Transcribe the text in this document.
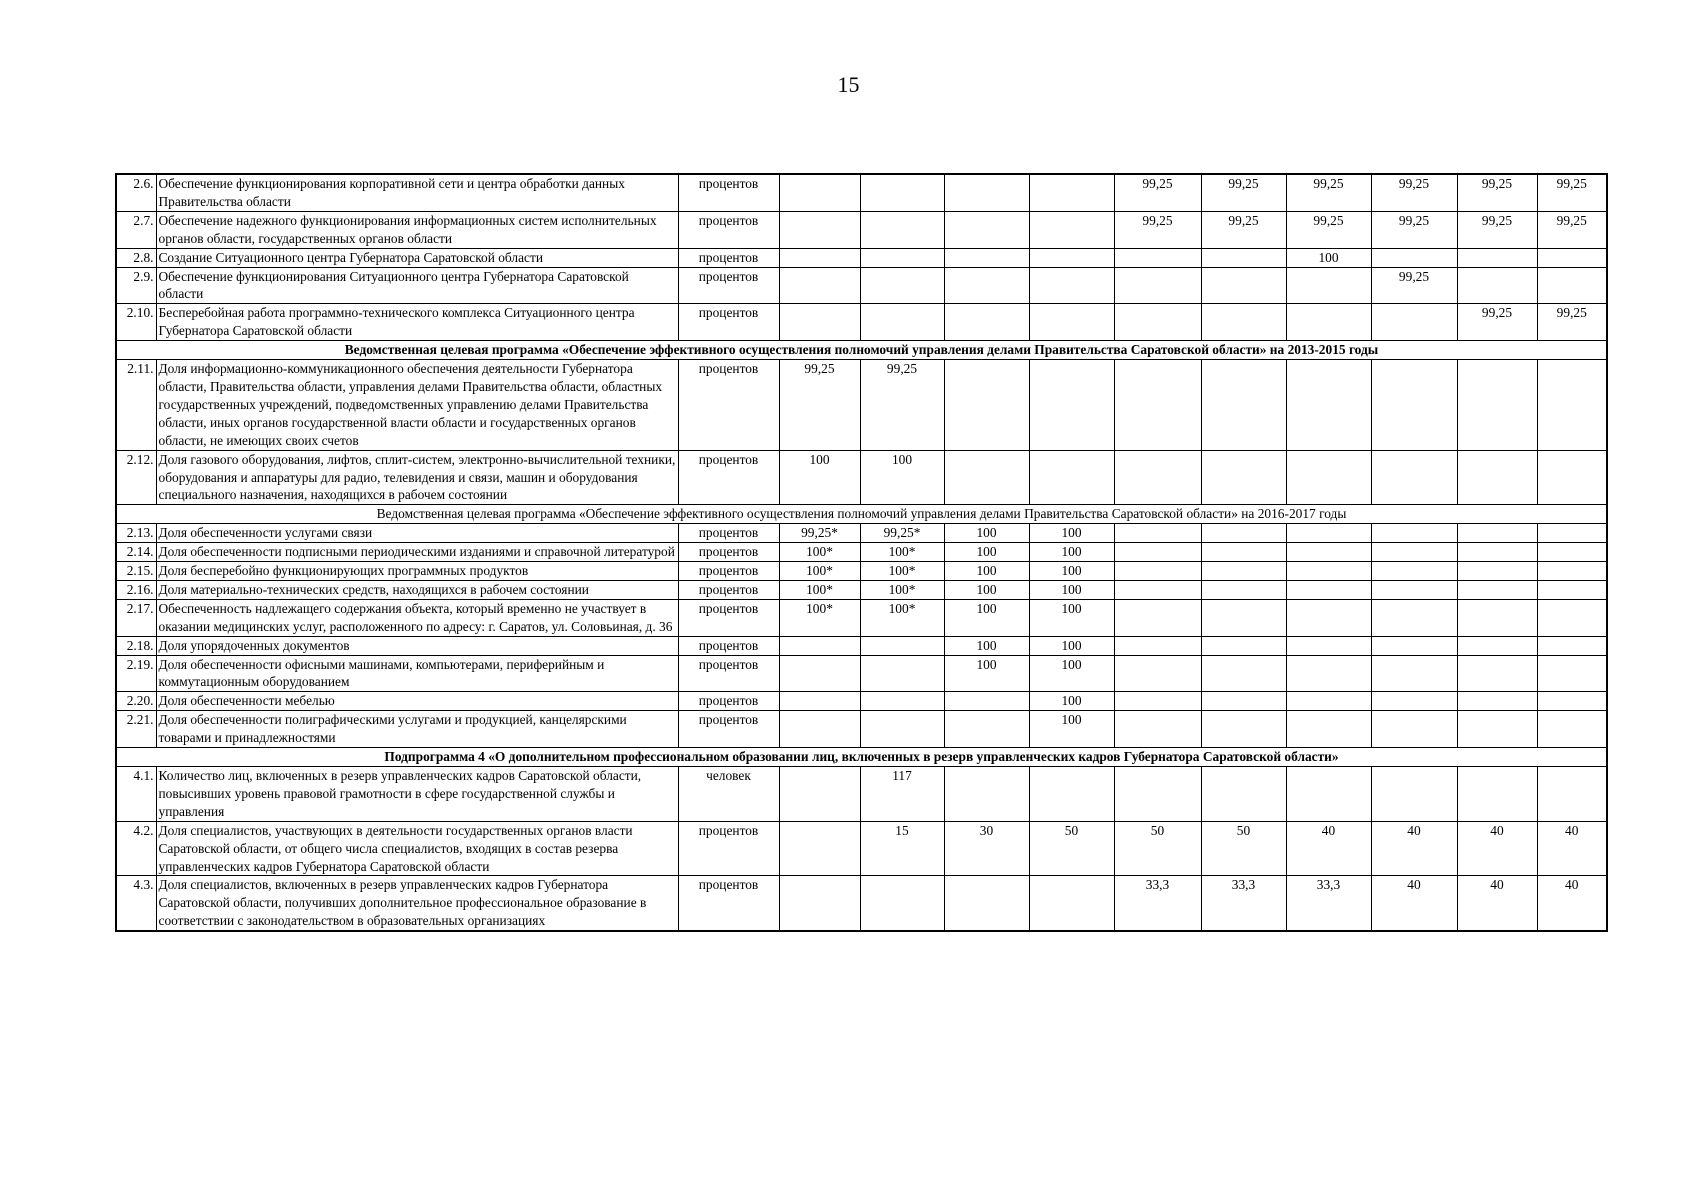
15
2.6.	Обеспечение функционирования корпоративной сети и центра обработки данных Правительства области	процентов					99,25	99,25	99,25	99,25	99,25	99,25
2.7.	Обеспечение надежного функционирования информационных систем исполнительных органов области, государственных органов области	процентов					99,25	99,25	99,25	99,25	99,25	99,25
2.8.	Создание Ситуационного центра Губернатора Саратовской области	процентов							100			
2.9.	Обеспечение функционирования Ситуационного центра Губернатора Саратовской области	процентов								99,25		
2.10.	Бесперебойная работа программно-технического комплекса Ситуационного центра Губернатора Саратовской области	процентов									99,25	99,25
Ведомственная целевая программа «Обеспечение эффективного осуществления полномочий управления делами Правительства Саратовской области» на 2013-2015 годы												
2.11.	Доля информационно-коммуникационного обеспечения деятельности Губернатора области, Правительства области, управления делами Правительства области, областных государственных учреждений, подведомственных управлению делами Правительства области, иных органов государственной власти области и государственных органов области, не имеющих своих счетов	процентов	99,25	99,25								
2.12.	Доля газового оборудования, лифтов, сплит-систем, электронно-вычислительной техники, оборудования и аппаратуры для радио, телевидения и связи, машин и оборудования специального назначения, находящихся в рабочем состоянии	процентов	100	100								
Ведомственная целевая программа «Обеспечение эффективного осуществления полномочий управления делами Правительства Саратовской области» на 2016-2017 годы												
2.13.	Доля обеспеченности услугами связи	процентов	99,25*	99,25*	100	100						
2.14.	Доля обеспеченности подписными периодическими изданиями и справочной литературой	процентов	100*	100*	100	100						
2.15.	Доля бесперебойно функционирующих программных продуктов	процентов	100*	100*	100	100						
2.16.	Доля материально-технических средств, находящихся в рабочем состоянии	процентов	100*	100*	100	100						
2.17.	Обеспеченность надлежащего содержания объекта, который временно не участвует в оказании медицинских услуг, расположенного по адресу: г. Саратов, ул. Соловьиная, д. 36	процентов	100*	100*	100	100						
2.18.	Доля упорядоченных документов	процентов			100	100						
2.19.	Доля обеспеченности офисными машинами, компьютерами, периферийным и коммутационным оборудованием	процентов			100	100						
2.20.	Доля обеспеченности мебелью	процентов				100						
2.21.	Доля обеспеченности полиграфическими услугами и продукцией, канцелярскими товарами и принадлежностями	процентов				100						
Подпрограмма 4 «О дополнительном профессиональном образовании лиц, включенных в резерв управленческих кадров Губернатора Саратовской области»												
4.1.	Количество лиц, включенных в резерв управленческих кадров Саратовской области, повысивших уровень правовой грамотности в сфере государственной службы и управления	человек		117								
4.2.	Доля специалистов, участвующих в деятельности государственных органов власти Саратовской области, от общего числа специалистов, входящих в состав резерва управленческих кадров Губернатора Саратовской области	процентов		15	30	50	50	50	40	40	40	40
4.3.	Доля специалистов, включенных в резерв управленческих кадров Губернатора Саратовской области, получивших дополнительное профессиональное образование в соответствии с законодательством в образовательных организациях	процентов					33,3	33,3	33,3	40	40	40
